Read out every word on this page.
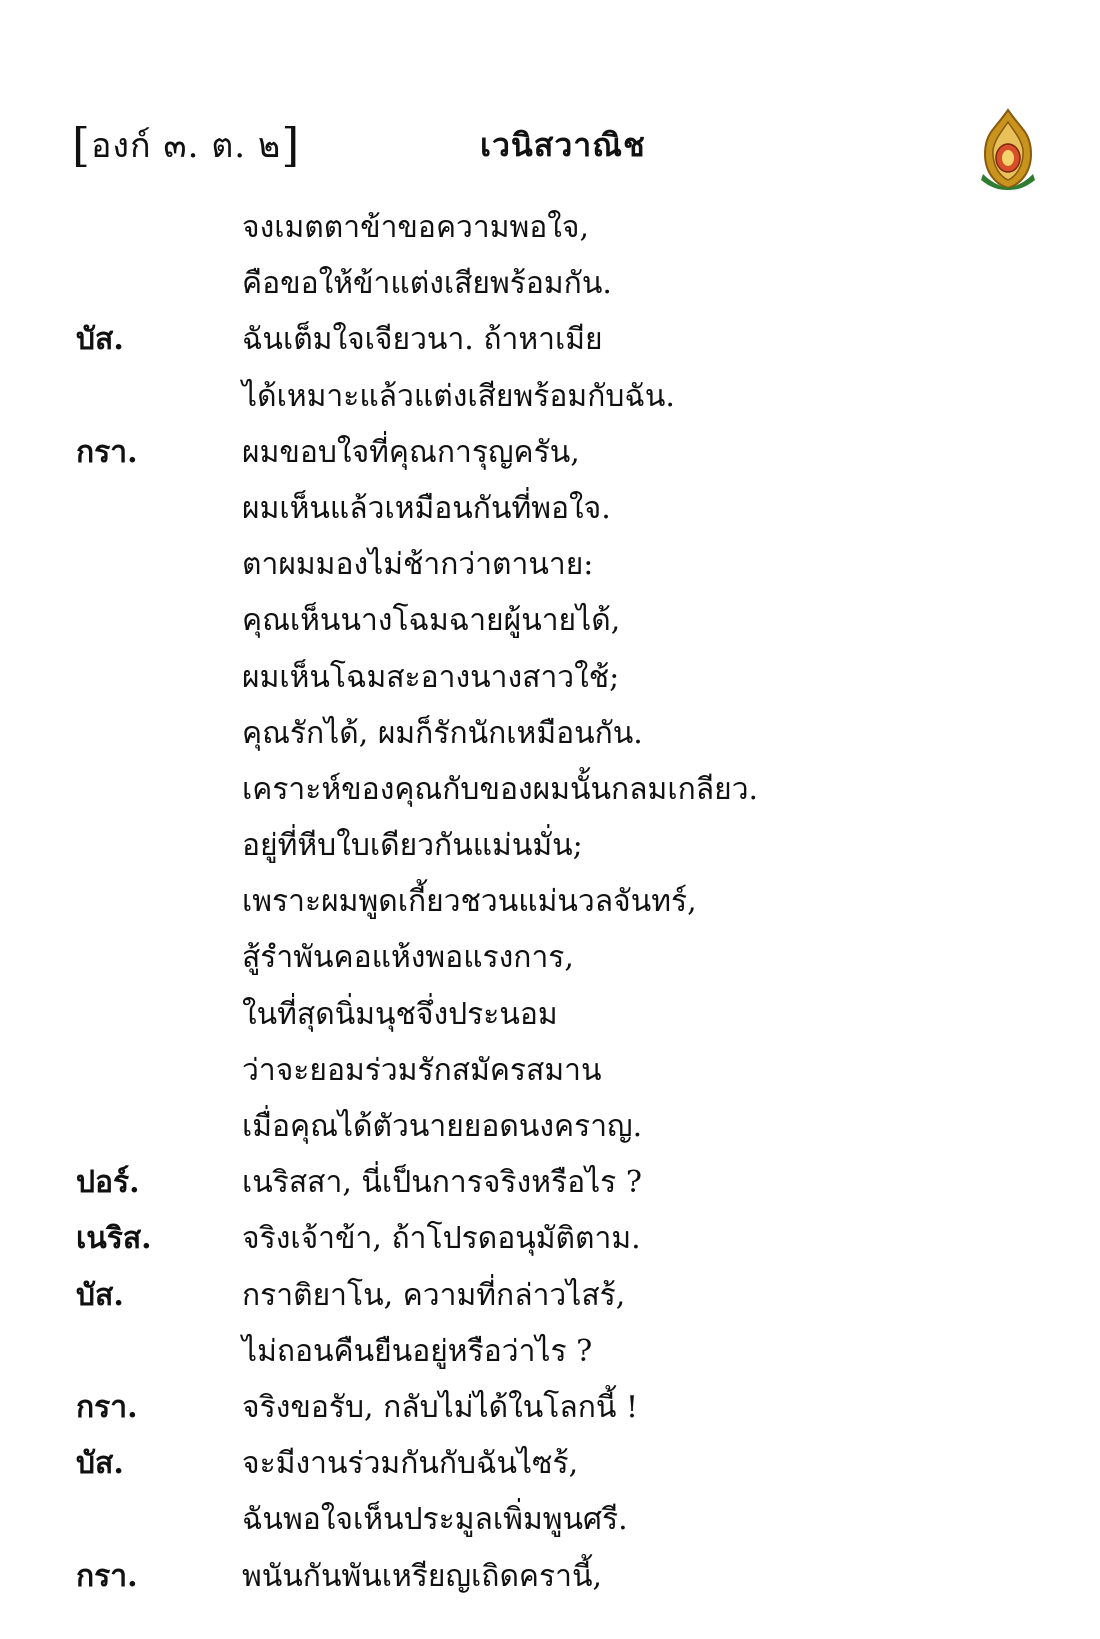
[องก์ ๓. ต. ๒]	เวนิสวาณิช
จงเมตตาข้าขอความพอใจ,
คือขอให้ข้าแต่งเสียพร้อมกัน.
บัส.	ฉันเต็มใจเจียวนา. ถ้าหาเมีย
ได้เหมาะแล้วแต่งเสียพร้อมกับฉัน.
กรา.	ผมขอบใจที่คุณการุญครัน,
ผมเห็นแล้วเหมือนกันที่พอใจ.
ตาผมมองไม่ช้ากว่าตานาย:
คุณเห็นนางโฉมฉายผู้นายได้,
ผมเห็นโฉมสะอางนางสาวใช้;
คุณรักได้, ผมก็รักนักเหมือนกัน.
เคราะห์ของคุณกับของผมนั้นกลมเกลียว.
อยู่ที่หีบใบเดียวกันแม่นมั่น;
เพราะผมพูดเกี้ยวชวนแม่นวลจันทร์,
สู้รำพันคอแห้งพอแรงการ,
ในที่สุดนิ่มนุชจึ่งประนอม
ว่าจะยอมร่วมรักสมัครสมาน
เมื่อคุณได้ตัวนายยอดนงคราญ.
ปอร์.	เนริสสา, นี่เป็นการจริงหรือไร ?
เนริส.	จริงเจ้าข้า, ถ้าโปรดอนุมัติตาม.
บัส.	กราติยาโน, ความที่กล่าวไสร้,
ไม่ถอนคืนยืนอยู่หรือว่าไร ?
กรา.	จริงขอรับ, กลับไม่ได้ในโลกนี้ !
บัส.	จะมีงานร่วมกันกับฉันไซร้,
ฉันพอใจเห็นประมูลเพิ่มพูนศรี.
กรา.	พนันกันพันเหรียญเถิดครานี้,
